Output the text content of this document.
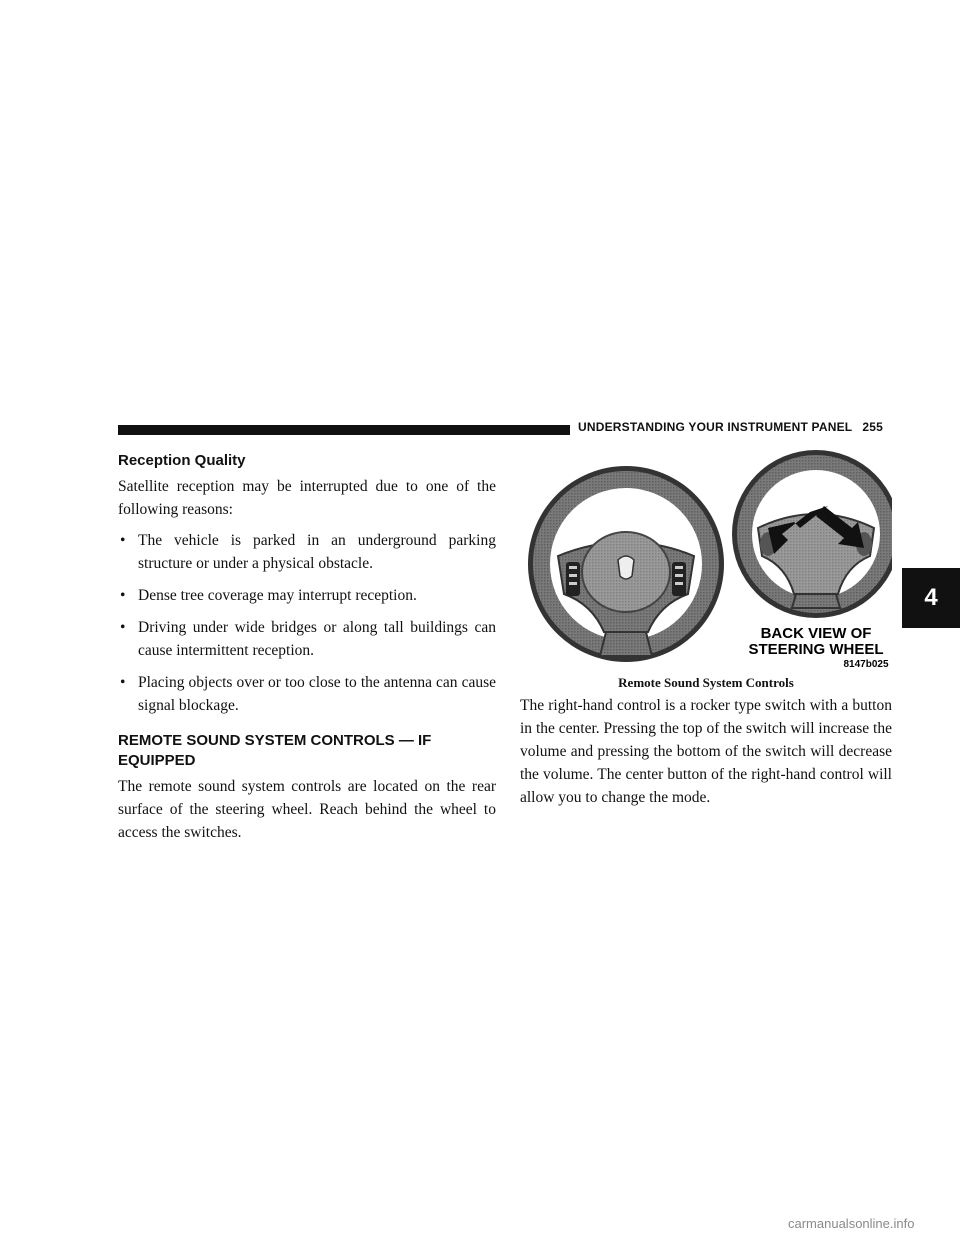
UNDERSTANDING YOUR INSTRUMENT PANEL 255
4
Reception Quality

Satellite reception may be interrupted due to one of the following reasons:

• The vehicle is parked in an underground parking structure or under a physical obstacle.
• Dense tree coverage may interrupt reception.
• Driving under wide bridges or along tall buildings can cause intermittent reception.
• Placing objects over or too close to the antenna can cause signal blockage.
REMOTE SOUND SYSTEM CONTROLS — IF EQUIPPED

The remote sound system controls are located on the rear surface of the steering wheel. Reach behind the wheel to access the switches.

BACK VIEW OF
STEERING WHEEL
8147b025
Remote Sound System Controls

The right-hand control is a rocker type switch with a button in the center. Pressing the top of the switch will increase the volume and pressing the bottom of the switch will decrease the volume. The center button of the right-hand control will allow you to change the mode.

carmanualsonline.info
